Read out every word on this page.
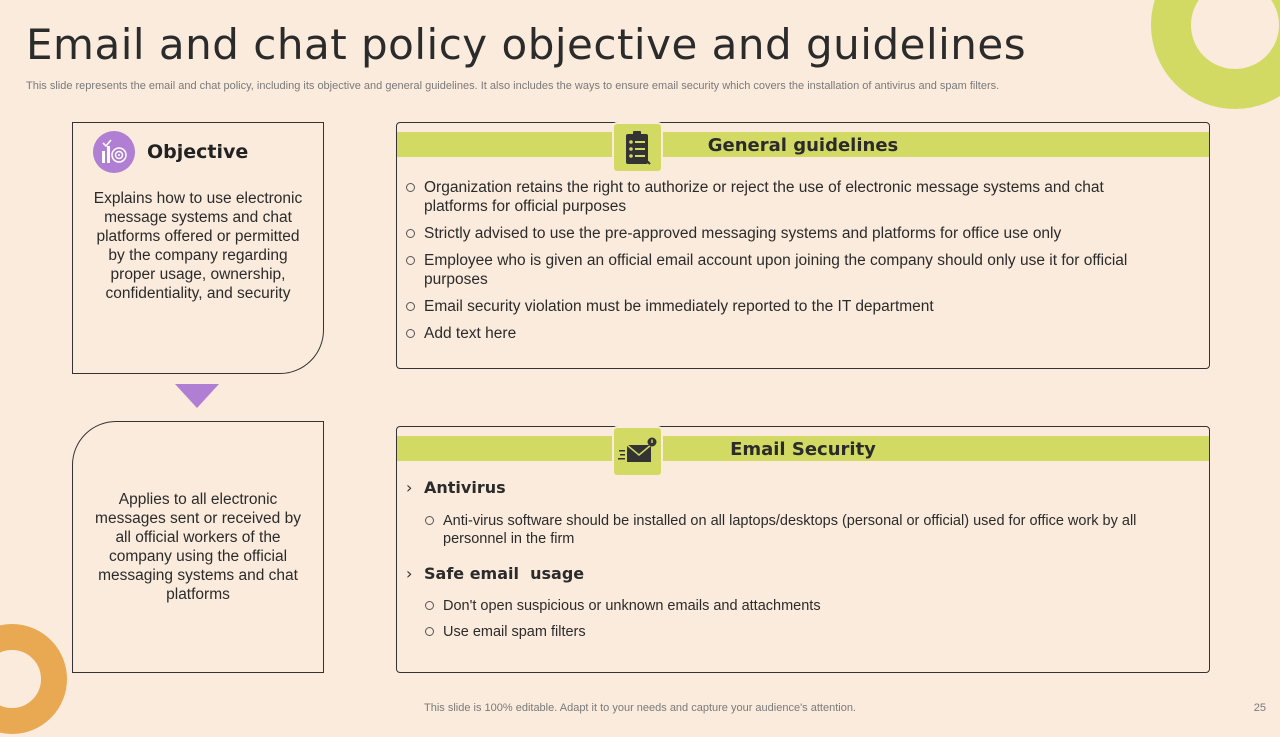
Email and chat policy objective and guidelines
This slide represents the email and chat policy, including its objective and general guidelines. It also includes the ways to ensure email security which covers the installation of antivirus and spam filters.
Objective
Explains how to use electronic message systems and chat platforms offered or permitted by the company regarding proper usage, ownership, confidentiality, and security
Applies to all electronic messages sent or received by all official workers of the company using the official messaging systems and chat platforms
General guidelines
Organization retains the right to authorize or reject the use of electronic message systems and chat platforms for official purposes
Strictly advised to use the pre-approved messaging systems and platforms for office use only
Employee who is given an official email account upon joining the company should only use it for official purposes
Email security violation must be immediately reported to the IT department
Add text here
Email Security
› Antivirus
Anti-virus software should be installed on all laptops/desktops (personal or official) used for office work by all personnel in the firm
› Safe email  usage
Don't open suspicious or unknown emails and attachments
Use email spam filters
This slide is 100% editable. Adapt it to your needs and capture your audience's attention.	25
